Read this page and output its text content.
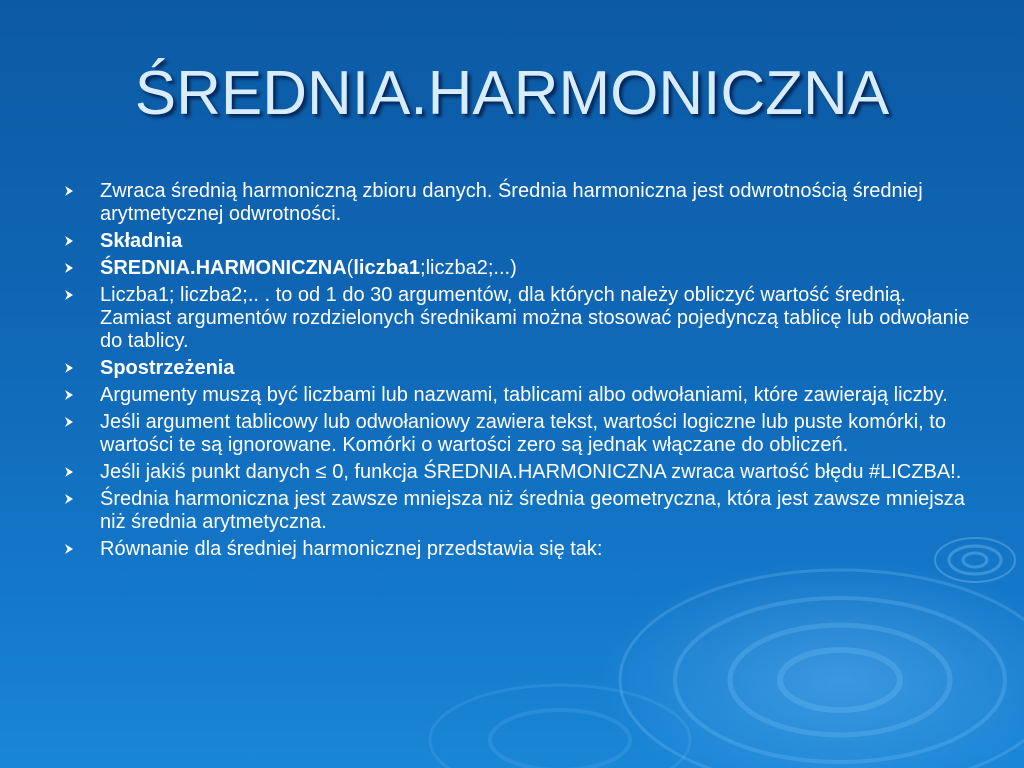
ŚREDNIA.HARMONICZNA
Zwraca średnią harmoniczną zbioru danych. Średnia harmoniczna jest odwrotnością średniej arytmetycznej odwrotności.
Składnia
ŚREDNIA.HARMONICZNA(liczba1;liczba2;...)
Liczba1; liczba2;.. . to od 1 do 30 argumentów, dla których należy obliczyć wartość średnią. Zamiast argumentów rozdzielonych średnikami można stosować pojedynczą tablicę lub odwołanie do tablicy.
Spostrzeżenia
Argumenty muszą być liczbami lub nazwami, tablicami albo odwołaniami, które zawierają liczby.
Jeśli argument tablicowy lub odwołaniowy zawiera tekst, wartości logiczne lub puste komórki, to wartości te są ignorowane. Komórki o wartości zero są jednak włączane do obliczeń.
Jeśli jakiś punkt danych ≤ 0, funkcja ŚREDNIA.HARMONICZNA zwraca wartość błędu #LICZBA!.
Średnia harmoniczna jest zawsze mniejsza niż średnia geometryczna, która jest zawsze mniejsza niż średnia arytmetyczna.
Równanie dla średniej harmonicznej przedstawia się tak:
